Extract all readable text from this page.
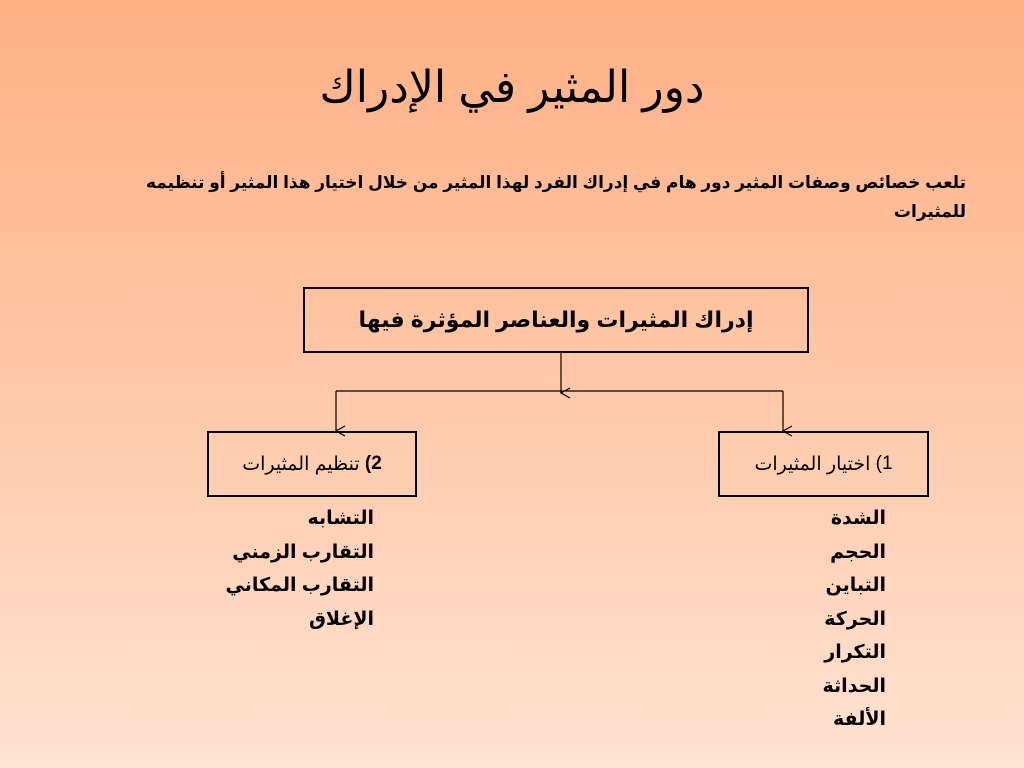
دور المثير في الإدراك
تلعب خصائص وصفات المثير دور هام في إدراك الفرد لهذا المثير من خلال اختيار هذا المثير أو تنظيمه للمثيرات
إدراك المثيرات والعناصر المؤثرة فيها
1)

اختيار المثيرات
2)

تنظيم المثيرات
الشدة
الحجم
التباين
الحركة
التكرار
الحداثة
الألفة
التشابه
التقارب الزمني
التقارب المكاني
الإغلاق
